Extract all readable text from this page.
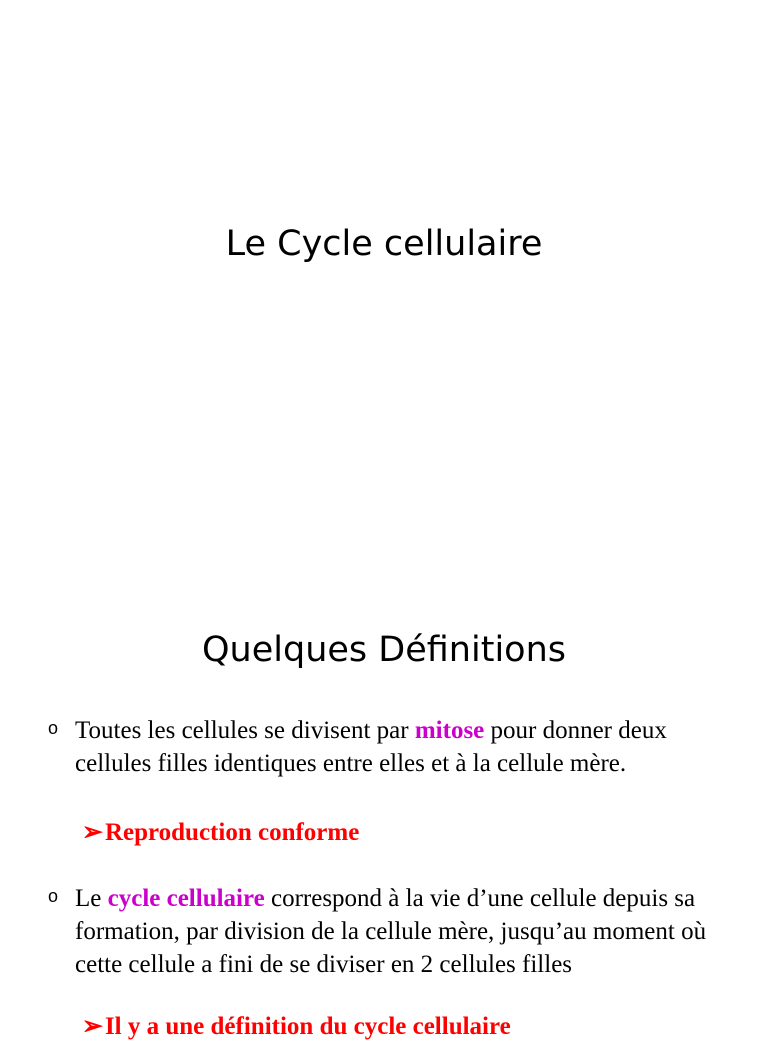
Le Cycle cellulaire
Quelques Définitions
o Toutes les cellules se divisent par mitose pour donner deux cellules filles identiques entre elles et à la cellule mère.
➢Reproduction conforme
o Le cycle cellulaire correspond à la vie d’une cellule depuis sa formation, par division de la cellule mère, jusqu’au moment où cette cellule a fini de se diviser en 2 cellules filles
➢Il y a une définition du cycle cellulaire
